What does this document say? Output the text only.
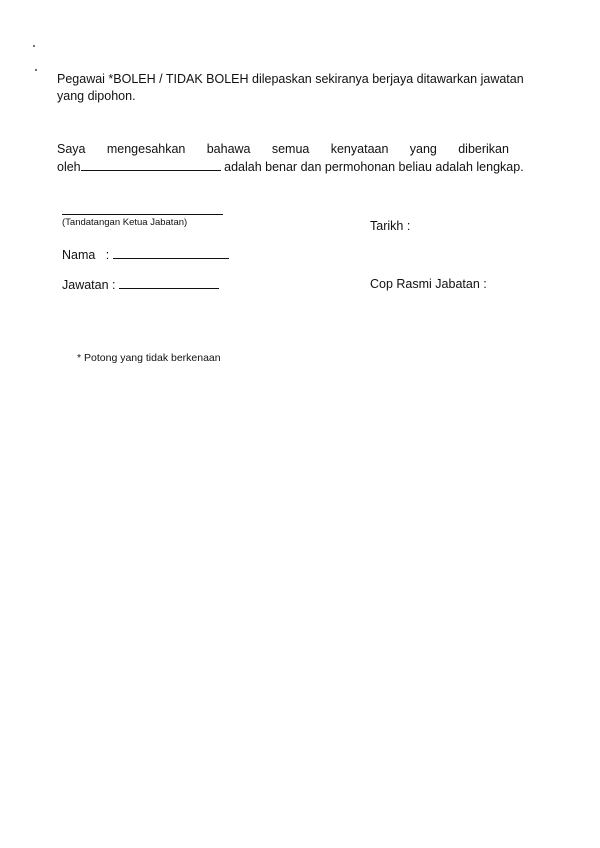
Pegawai *BOLEH / TIDAK BOLEH dilepaskan sekiranya berjaya ditawarkan jawatan
yang dipohon.
Saya mengesahkan bahawa semua kenyataan yang diberikan
oleh	adalah benar dan permohonan beliau adalah lengkap.
(Tandatangan Ketua Jabatan)
Nama   :
Jawatan :
Tarikh :
Cop Rasmi Jabatan :
* Potong yang tidak berkenaan
